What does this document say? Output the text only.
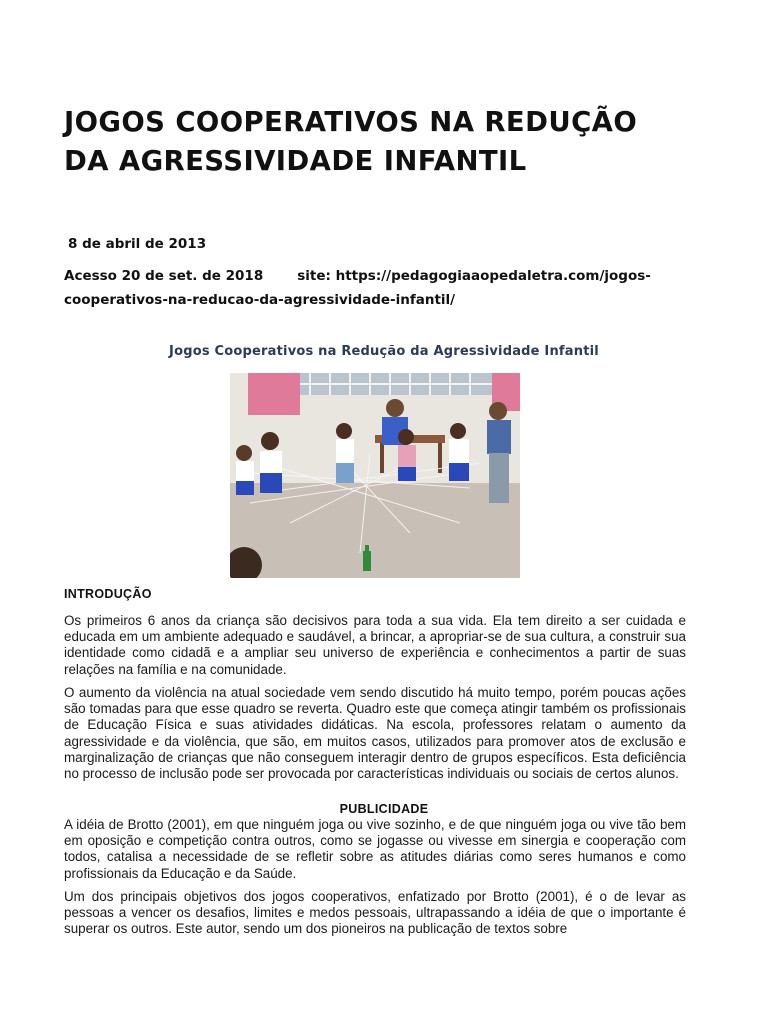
JOGOS COOPERATIVOS NA REDUÇÃO DA AGRESSIVIDADE INFANTIL
8 de abril de 2013
Acesso 20 de set. de 2018	site: https://pedagogiaaopedaletra.com/jogos-cooperativos-na-reducao-da-agressividade-infantil/
Jogos Cooperativos na Redução da Agressividade Infantil
INTRODUÇÃO

Os primeiros 6 anos da criança são decisivos para toda a sua vida. Ela tem direito a ser cuidada e educada em um ambiente adequado e saudável, a brincar, a apropriar-se de sua cultura, a construir sua identidade como cidadã e a ampliar seu universo de experiência e conhecimentos a partir de suas relações na família e na comunidade.

O aumento da violência na atual sociedade vem sendo discutido há muito tempo, porém poucas ações são tomadas para que esse quadro se reverta. Quadro este que começa atingir também os profissionais de Educação Física e suas atividades didáticas. Na escola, professores relatam o aumento da agressividade e da violência, que são, em muitos casos, utilizados para promover atos de exclusão e marginalização de crianças que não conseguem interagir dentro de grupos específicos. Esta deficiência no processo de inclusão pode ser provocada por características individuais ou sociais de certos alunos.

PUBLICIDADE

A idéia de Brotto (2001), em que ninguém joga ou vive sozinho, e de que ninguém joga ou vive tão bem em oposição e competição contra outros, como se jogasse ou vivesse em sinergia e cooperação com todos, catalisa a necessidade de se refletir sobre as atitudes diárias como seres humanos e como profissionais da Educação e da Saúde.

Um dos principais objetivos dos jogos cooperativos, enfatizado por Brotto (2001), é o de levar as pessoas a vencer os desafios, limites e medos pessoais, ultrapassando a idéia de que o importante é superar os outros. Este autor, sendo um dos pioneiros na publicação de textos sobre
